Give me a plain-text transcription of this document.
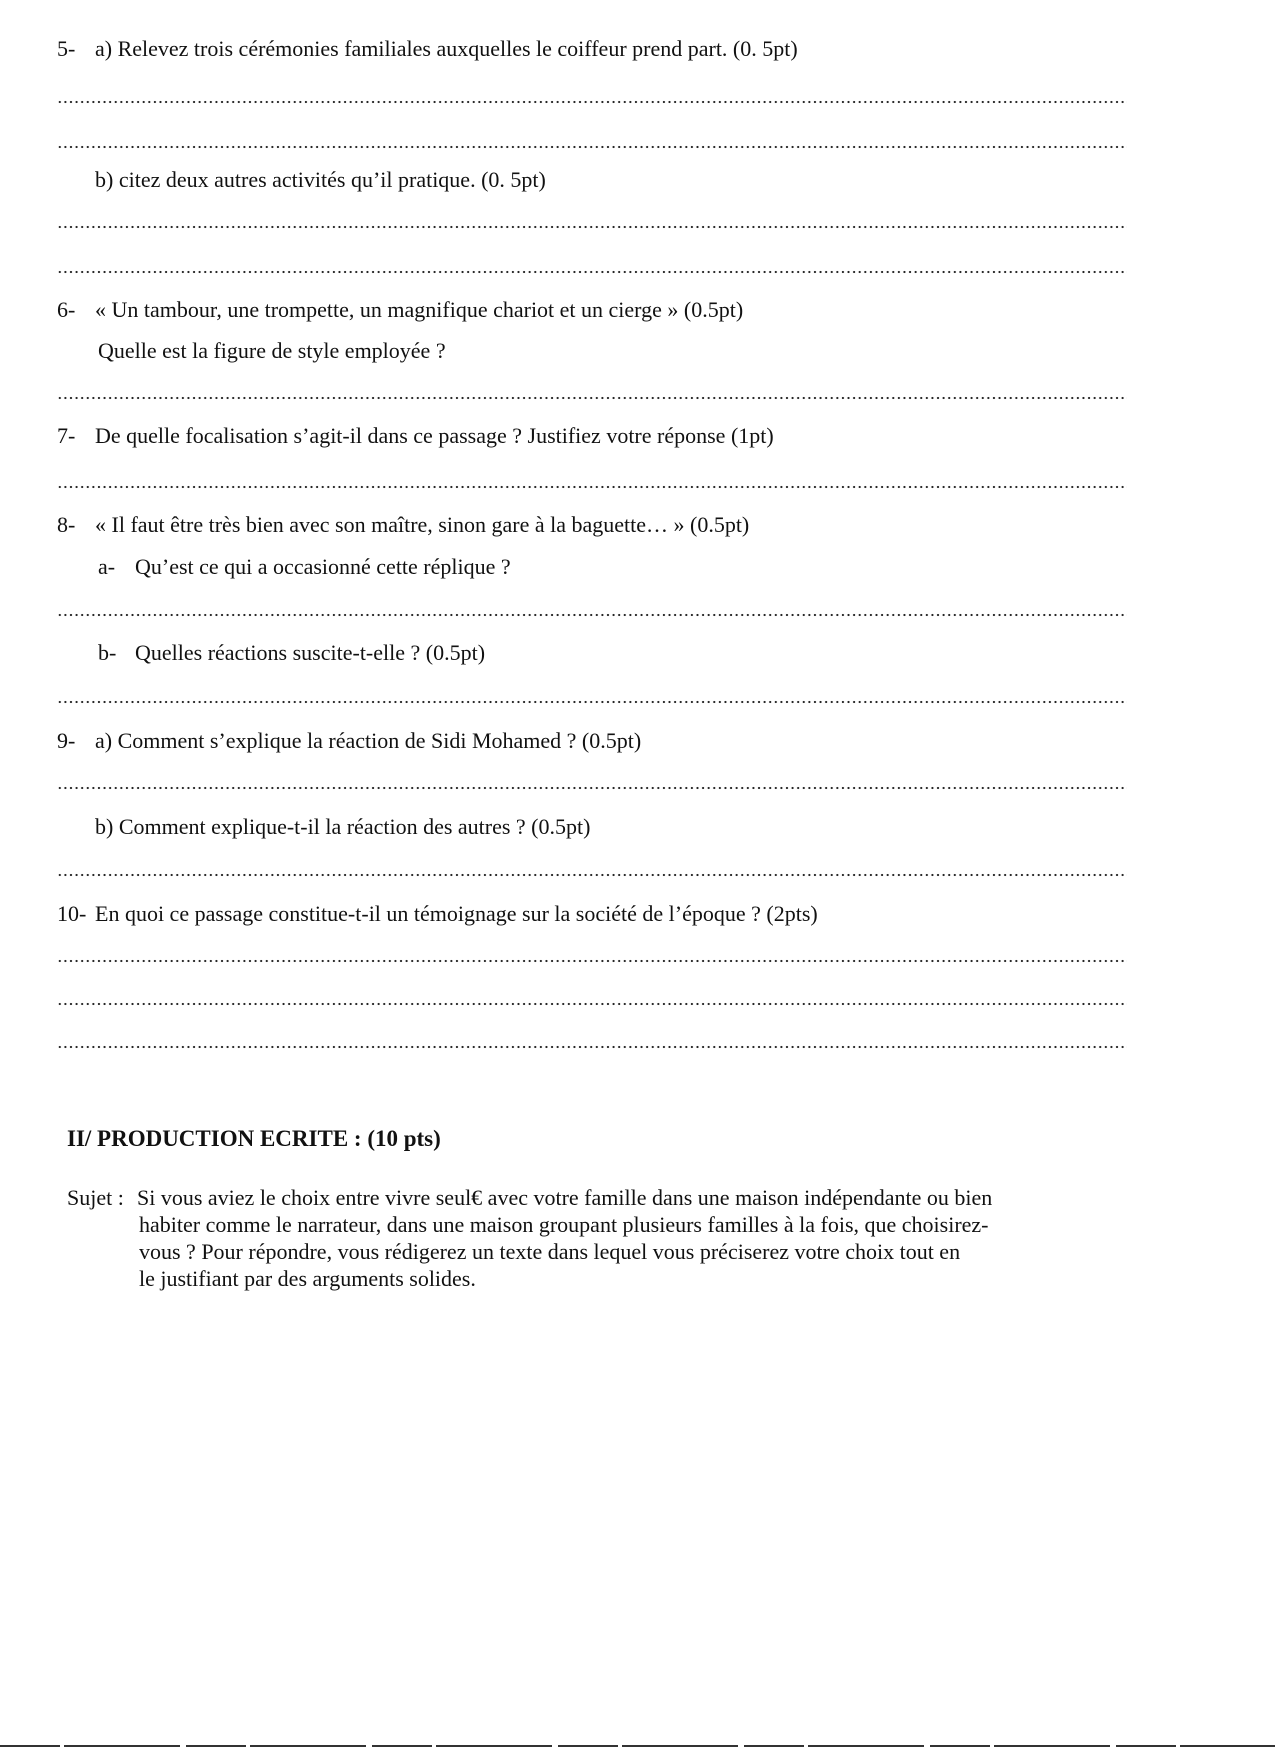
5- a) Relevez trois cérémonies familiales auxquelles le coiffeur prend part. (0. 5pt)
b) citez deux autres activités qu’il pratique. (0. 5pt)
6- « Un tambour, une trompette, un magnifique chariot et un cierge » (0.5pt)
Quelle est la figure de style employée ?
7- De quelle focalisation s’agit-il dans ce passage ? Justifiez votre réponse (1pt)
8- « Il faut être très bien avec son maître, sinon gare à la baguette… » (0.5pt)
a- Qu’est ce qui a occasionné cette réplique ?
b- Quelles réactions suscite-t-elle ? (0.5pt)
9- a) Comment s’explique la réaction de Sidi Mohamed ? (0.5pt)
b) Comment explique-t-il la réaction des autres ? (0.5pt)
10- En quoi ce passage constitue-t-il un témoignage sur la société de l’époque ? (2pts)
II/ PRODUCTION ECRITE : (10 pts)
Sujet : Si vous aviez le choix entre vivre seul€ avec votre famille dans une maison indépendante ou bien
habiter comme le narrateur, dans une maison groupant plusieurs familles à la fois, que choisirez-
vous ? Pour répondre, vous rédigerez un texte dans lequel vous préciserez votre choix tout en
le justifiant par des arguments solides.
